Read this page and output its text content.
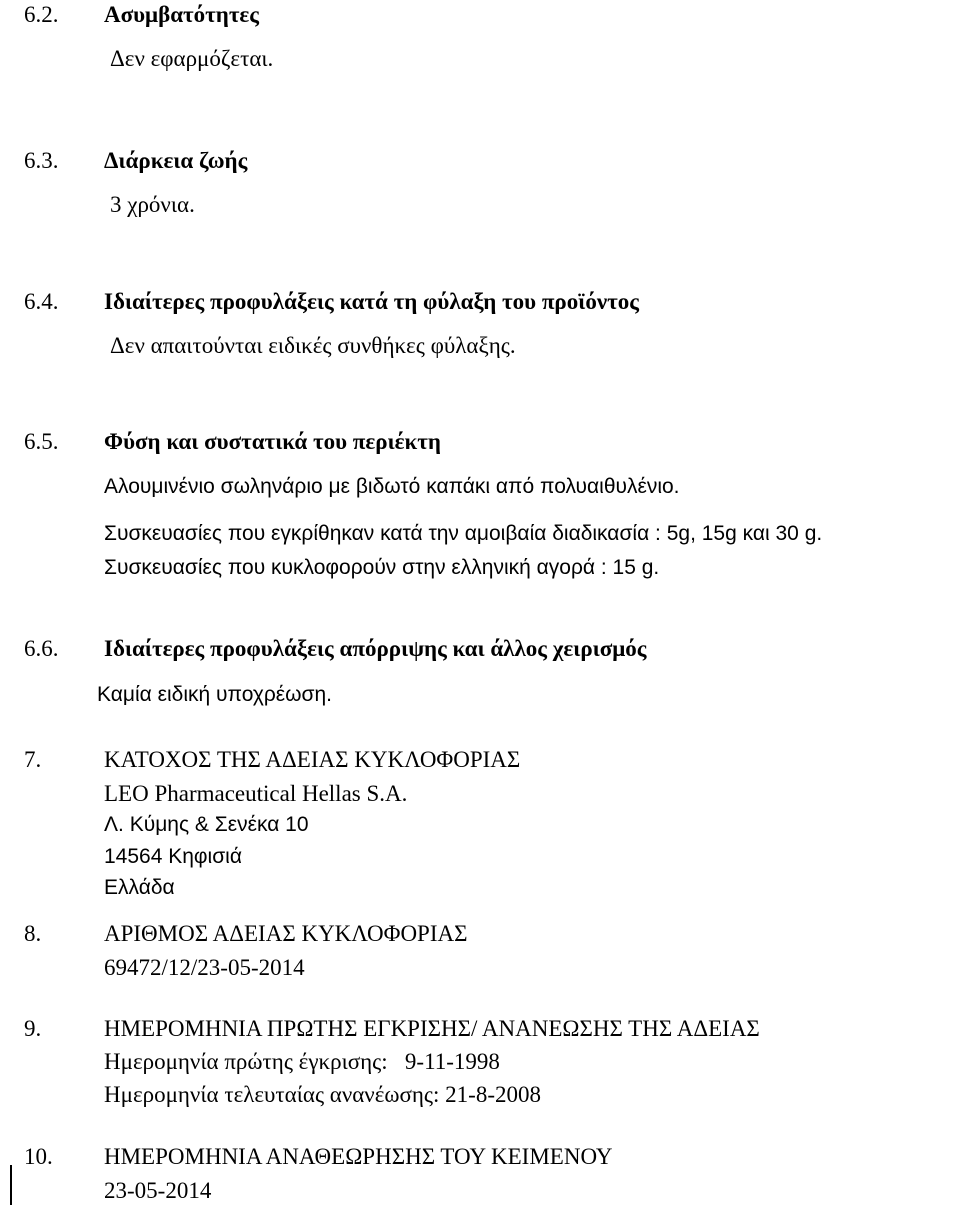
6.2. Ασυμβατότητες
Δεν εφαρμόζεται.
6.3. Διάρκεια ζωής
3 χρόνια.
6.4. Ιδιαίτερες προφυλάξεις κατά τη φύλαξη του προϊόντος
Δεν απαιτούνται ειδικές συνθήκες φύλαξης.
6.5. Φύση και συστατικά του περιέκτη
Αλουμινένιο σωληνάριο με βιδωτό καπάκι από πολυαιθυλένιο.
Συσκευασίες που εγκρίθηκαν κατά την αμοιβαία διαδικασία : 5g, 15g και 30 g.
Συσκευασίες που κυκλοφορούν στην ελληνική αγορά : 15 g.
6.6. Ιδιαίτερες προφυλάξεις απόρριψης και άλλος χειρισμός
Καμία ειδική υποχρέωση.
7.	ΚΑΤΟΧΟΣ ΤΗΣ ΑΔΕΙΑΣ ΚΥΚΛΟΦΟΡΙΑΣ
LEO Pharmaceutical Hellas S.A.
Λ. Κύμης & Σενέκα 10
14564 Κηφισιά
Ελλάδα
8.	ΑΡΙΘΜΟΣ ΑΔΕΙΑΣ ΚΥΚΛΟΦΟΡΙΑΣ
69472/12/23-05-2014
9.	ΗΜΕΡΟΜΗΝΙΑ ΠΡΩΤΗΣ ΕΓΚΡΙΣΗΣ/ ΑΝΑΝΕΩΣΗΣ ΤΗΣ ΑΔΕΙΑΣ
Ημερομηνία πρώτης έγκρισης:   9-11-1998
Ημερομηνία τελευταίας ανανέωσης: 21-8-2008
10. ΗΜΕΡΟΜΗΝΙΑ ΑΝΑΘΕΩΡΗΣΗΣ ΤΟΥ ΚΕΙΜΕΝΟΥ
23-05-2014
